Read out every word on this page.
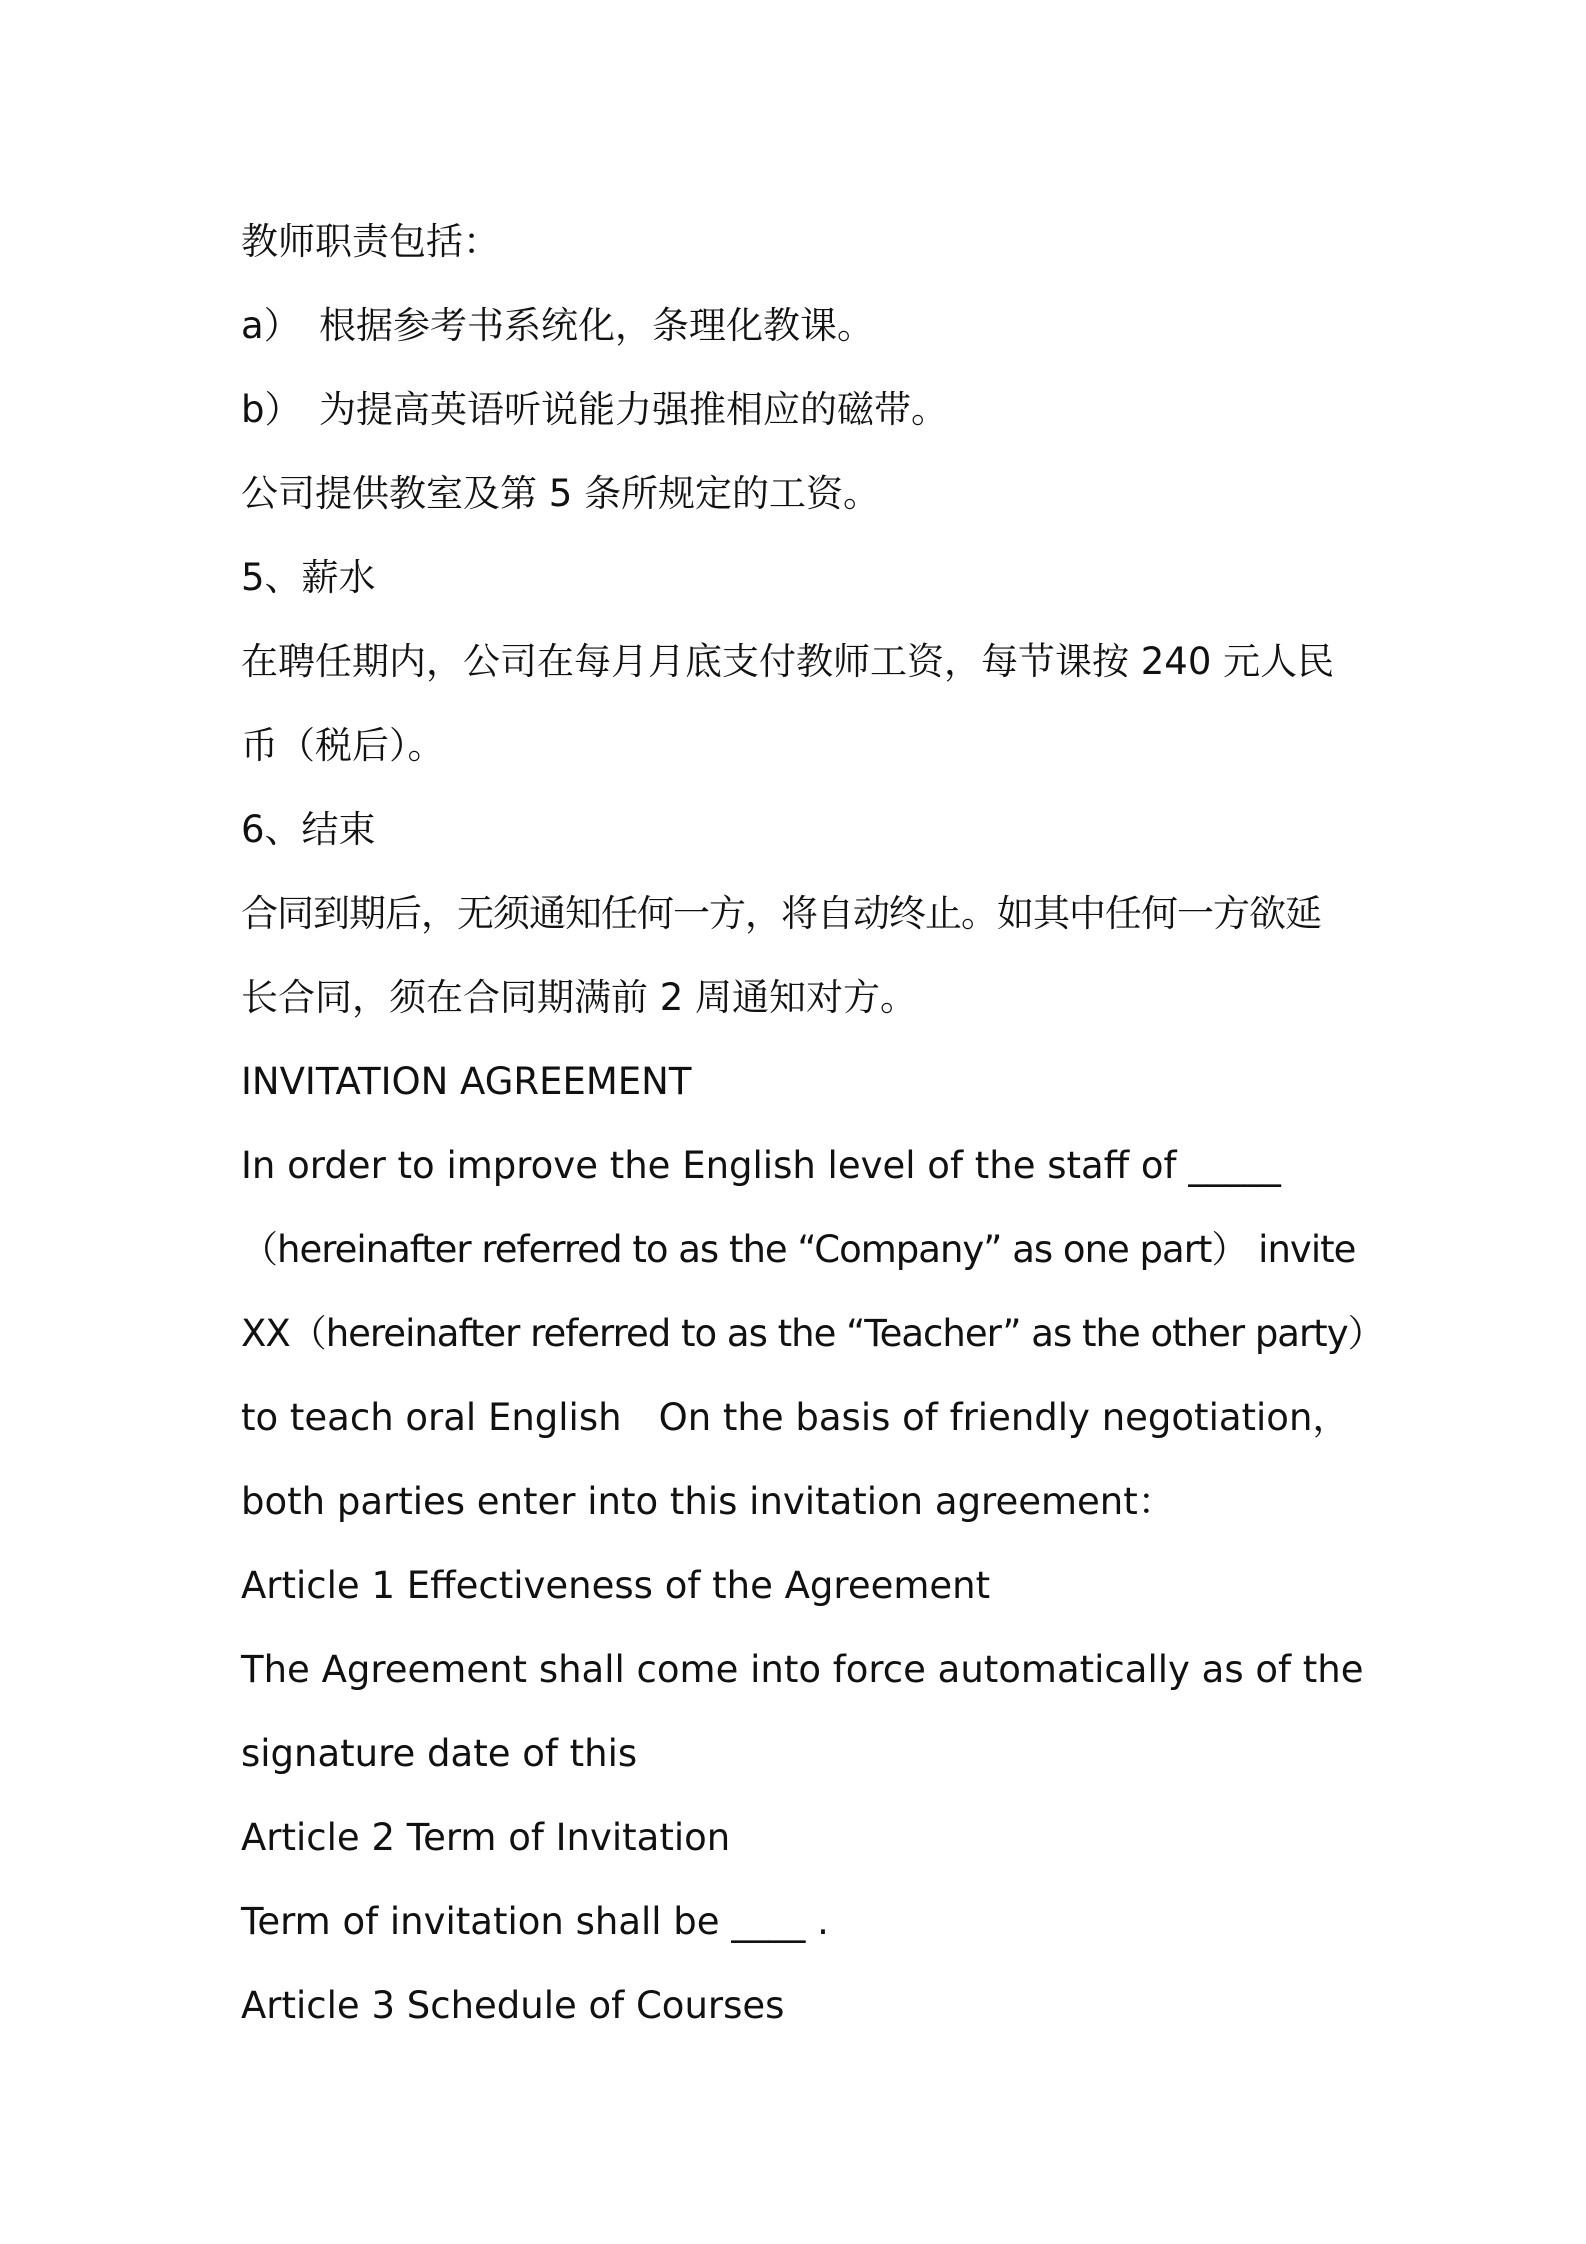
教师职责包括：
a） 根据参考书系统化，条理化教课。
b） 为提高英语听说能力强推相应的磁带。
公司提供教室及第 5 条所规定的工资。
5、薪水
在聘任期内，公司在每月月底支付教师工资，每节课按 240 元人民
币（税后）。
6、结束
合同到期后，无须通知任何一方，将自动终止。如其中任何一方欲延
长合同，须在合同期满前 2 周通知对方。
INVITATION AGREEMENT
In order to improve the English level of the staff of _____
（hereinafter referred to as the “Company” as one part） invite
XX（hereinafter referred to as the “Teacher” as the other party）
to teach oral English　On the basis of friendly negotiation，
both parties enter into this invitation agreement：
Article 1 Effectiveness of the Agreement
The Agreement shall come into force automatically as of the
signature date of this
Article 2 Term of Invitation
Term of invitation shall be ____ .
Article 3 Schedule of Courses
